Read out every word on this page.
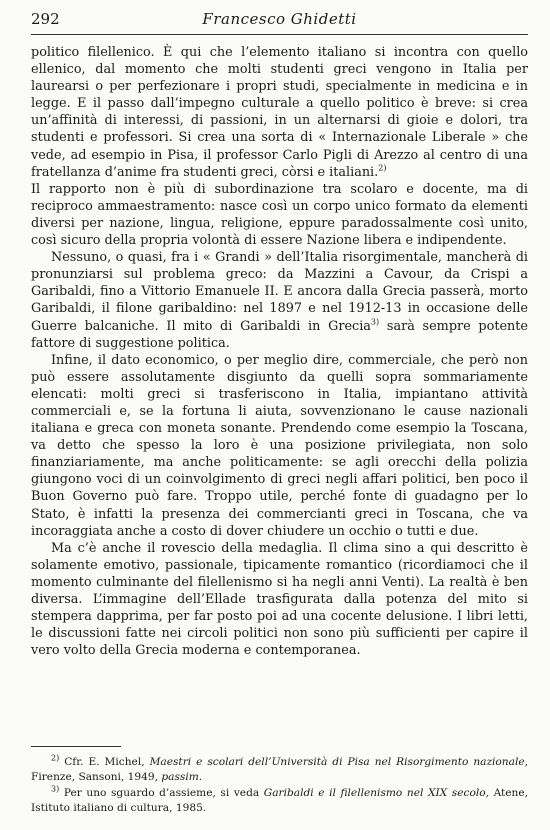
292	Francesco Ghidetti

politico filellenico. È qui che l’elemento italiano si incontra con quello ellenico, dal momento che molti studenti greci vengono in Italia per laurearsi o per perfezionare i propri studi, specialmente in medicina e in legge. E il passo dall’impegno culturale a quello politico è breve: si crea un’affinità di interessi, di passioni, in un alternarsi di gioie e dolori, tra studenti e professori. Si crea una sorta di « Internazionale Liberale » che vede, ad esempio in Pisa, il professor Carlo Pigli di Arezzo al centro di una fratellanza d’anime fra studenti greci, còrsi e italiani.$^{2)}$

Il rapporto non è più di subordinazione tra scolaro e docente, ma di reciproco ammaestramento: nasce così un corpo unico formato da elementi diversi per nazione, lingua, religione, eppure paradossalmente così unito, così sicuro della propria volontà di essere Nazione libera e indipendente.

Nessuno, o quasi, fra i « Grandi » dell’Italia risorgimentale, mancherà di pronunziarsi sul problema greco: da Mazzini a Cavour, da Crispi a Garibaldi, fino a Vittorio Emanuele II. E ancora dalla Grecia passerà, morto Garibaldi, il filone garibaldino: nel 1897 e nel 1912-13 in occasione delle Guerre balcaniche. Il mito di Garibaldi in Grecia$^{3)}$ sarà sempre potente fattore di suggestione politica.

Infine, il dato economico, o per meglio dire, commerciale, che però non può essere assolutamente disgiunto da quelli sopra sommariamente elencati: molti greci si trasferiscono in Italia, impiantano attività commerciali e, se la fortuna li aiuta, sovvenzionano le cause nazionali italiana e greca con moneta sonante. Prendendo come esempio la Toscana, va detto che spesso la loro è una posizione privilegiata, non solo finanziariamente, ma anche politicamente: se agli orecchi della polizia giungono voci di un coinvolgimento di greci negli affari politici, ben poco il Buon Governo può fare. Troppo utile, perché fonte di guadagno per lo Stato, è infatti la presenza dei commercianti greci in Toscana, che va incoraggiata anche a costo di dover chiudere un occhio o tutti e due.

Ma c’è anche il rovescio della medaglia. Il clima sino a qui descritto è solamente emotivo, passionale, tipicamente romantico (ricordiamoci che il momento culminante del filellenismo si ha negli anni Venti). La realtà è ben diversa. L’immagine dell’Ellade trasfigurata dalla potenza del mito si stempera dapprima, per far posto poi ad una cocente delusione. I libri letti, le discussioni fatte nei circoli politici non sono più sufficienti per capire il vero volto della Grecia moderna e contemporanea.

$^{2)}$ Cfr. E. Michel, Maestri e scolari dell’Università di Pisa nel Risorgimento nazionale, Firenze, Sansoni, 1949, passim.

$^{3)}$ Per uno sguardo d’assieme, si veda Garibaldi e il filellenismo nel XIX secolo, Atene, Istituto italiano di cultura, 1985.
